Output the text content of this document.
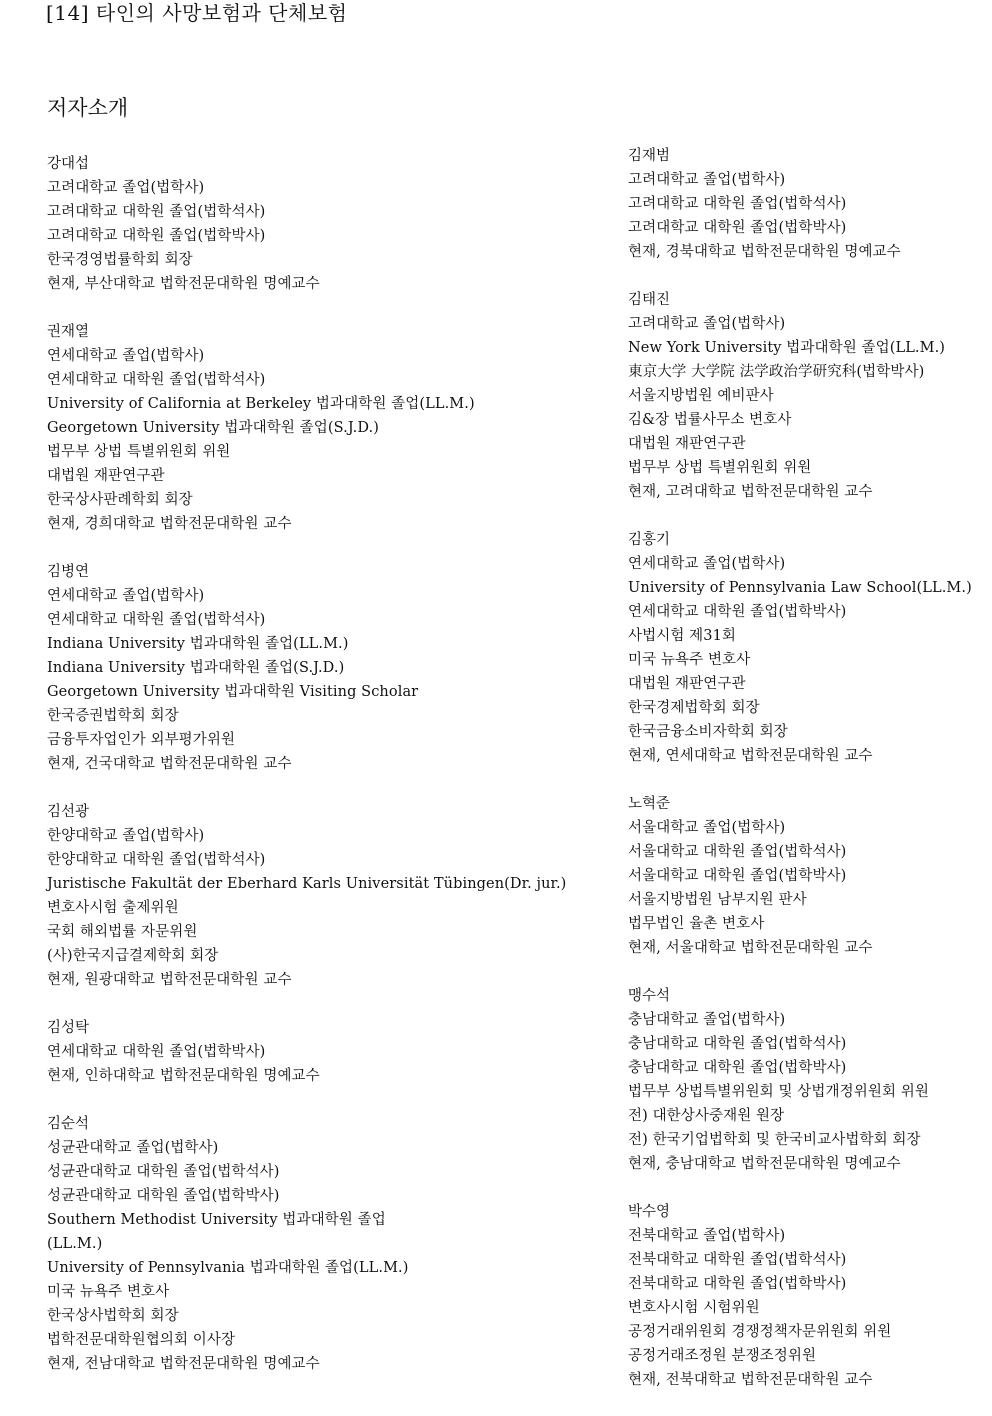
[14] 타인의 사망보험과 단체보험
저자소개
강대섭
고려대학교 졸업(법학사)
고려대학교 대학원 졸업(법학석사)
고려대학교 대학원 졸업(법학박사)
한국경영법률학회 회장
현재, 부산대학교 법학전문대학원 명예교수
권재열
연세대학교 졸업(법학사)
연세대학교 대학원 졸업(법학석사)
University of California at Berkeley 법과대학원 졸업(LL.M.)
Georgetown University 법과대학원 졸업(S.J.D.)
법무부 상법 특별위원회 위원
대법원 재판연구관
한국상사판례학회 회장
현재, 경희대학교 법학전문대학원 교수
김병연
연세대학교 졸업(법학사)
연세대학교 대학원 졸업(법학석사)
Indiana University 법과대학원 졸업(LL.M.)
Indiana University 법과대학원 졸업(S.J.D.)
Georgetown University 법과대학원 Visiting Scholar
한국증권법학회 회장
금융투자업인가 외부평가위원
현재, 건국대학교 법학전문대학원 교수
김선광
한양대학교 졸업(법학사)
한양대학교 대학원 졸업(법학석사)
Juristische Fakultät der Eberhard Karls Universität Tübingen(Dr. jur.)
변호사시험 출제위원
국회 해외법률 자문위원
(사)한국지급결제학회 회장
현재, 원광대학교 법학전문대학원 교수
김성탁
연세대학교 대학원 졸업(법학박사)
현재, 인하대학교 법학전문대학원 명예교수
김순석
성균관대학교 졸업(법학사)
성균관대학교 대학원 졸업(법학석사)
성균관대학교 대학원 졸업(법학박사)
Southern Methodist University 법과대학원 졸업
(LL.M.)
University of Pennsylvania 법과대학원 졸업(LL.M.)
미국 뉴욕주 변호사
한국상사법학회 회장
법학전문대학원협의회 이사장
현재, 전남대학교 법학전문대학원 명예교수
김재범
고려대학교 졸업(법학사)
고려대학교 대학원 졸업(법학석사)
고려대학교 대학원 졸업(법학박사)
현재, 경북대학교 법학전문대학원 명예교수
김태진
고려대학교 졸업(법학사)
New York University 법과대학원 졸업(LL.M.)
東京大学 大学院 法学政治学研究科(법학박사)
서울지방법원 예비판사
김&장 법률사무소 변호사
대법원 재판연구관
법무부 상법 특별위원회 위원
현재, 고려대학교 법학전문대학원 교수
김홍기
연세대학교 졸업(법학사)
University of Pennsylvania Law School(LL.M.)
연세대학교 대학원 졸업(법학박사)
사법시험 제31회
미국 뉴욕주 변호사
대법원 재판연구관
한국경제법학회 회장
한국금융소비자학회 회장
현재, 연세대학교 법학전문대학원 교수
노혁준
서울대학교 졸업(법학사)
서울대학교 대학원 졸업(법학석사)
서울대학교 대학원 졸업(법학박사)
서울지방법원 남부지원 판사
법무법인 율촌 변호사
현재, 서울대학교 법학전문대학원 교수
맹수석
충남대학교 졸업(법학사)
충남대학교 대학원 졸업(법학석사)
충남대학교 대학원 졸업(법학박사)
법무부 상법특별위원회 및 상법개정위원회 위원
전) 대한상사중재원 원장
전) 한국기업법학회 및 한국비교사법학회 회장
현재, 충남대학교 법학전문대학원 명예교수
박수영
전북대학교 졸업(법학사)
전북대학교 대학원 졸업(법학석사)
전북대학교 대학원 졸업(법학박사)
변호사시험 시험위원
공정거래위원회 경쟁정책자문위원회 위원
공정거래조정원 분쟁조정위원
현재, 전북대학교 법학전문대학원 교수
